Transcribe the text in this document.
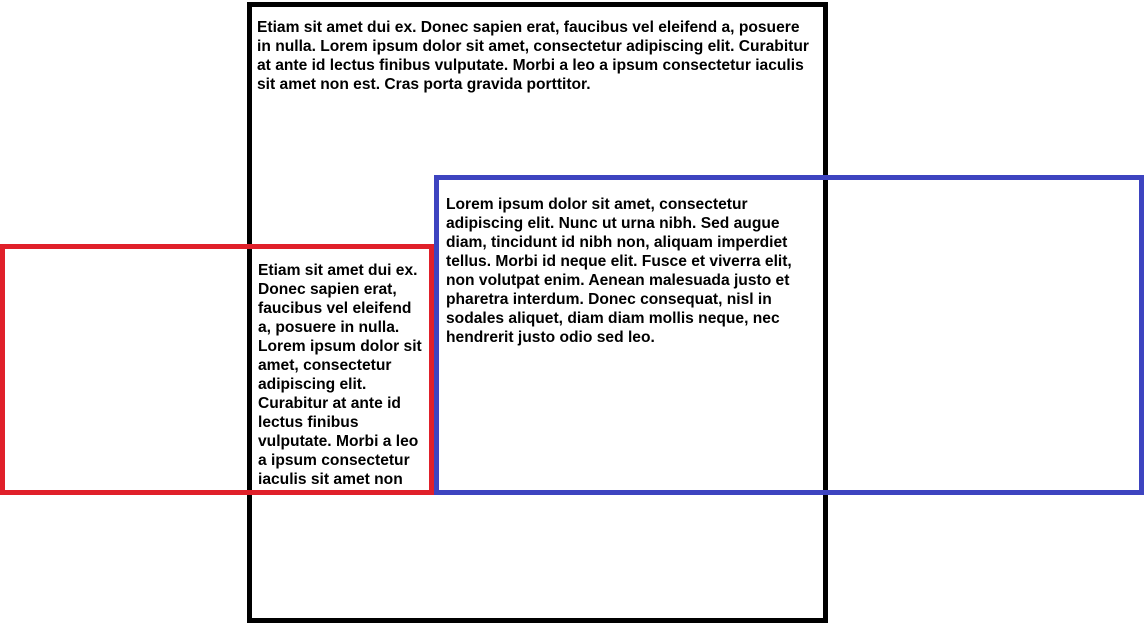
Etiam sit amet dui ex. Donec sapien erat, faucibus vel eleifend a, posuere in nulla. Lorem ipsum dolor sit amet, consectetur adipiscing elit. Curabitur at ante id lectus finibus vulputate. Morbi a leo a ipsum consectetur iaculis sit amet non est. Cras porta gravida porttitor.

Etiam sit amet dui ex. Donec sapien erat, faucibus vel eleifend a, posuere in nulla. Lorem ipsum dolor sit amet, consectetur adipiscing elit. Curabitur at ante id lectus finibus vulputate. Morbi a leo a ipsum consectetur iaculis sit amet non

Lorem ipsum dolor sit amet, consectetur adipiscing elit. Nunc ut urna nibh. Sed augue diam, tincidunt id nibh non, aliquam imperdiet tellus. Morbi id neque elit. Fusce et viverra elit, non volutpat enim. Aenean malesuada justo et pharetra interdum. Donec consequat, nisl in sodales aliquet, diam diam mollis neque, nec hendrerit justo odio sed leo.
